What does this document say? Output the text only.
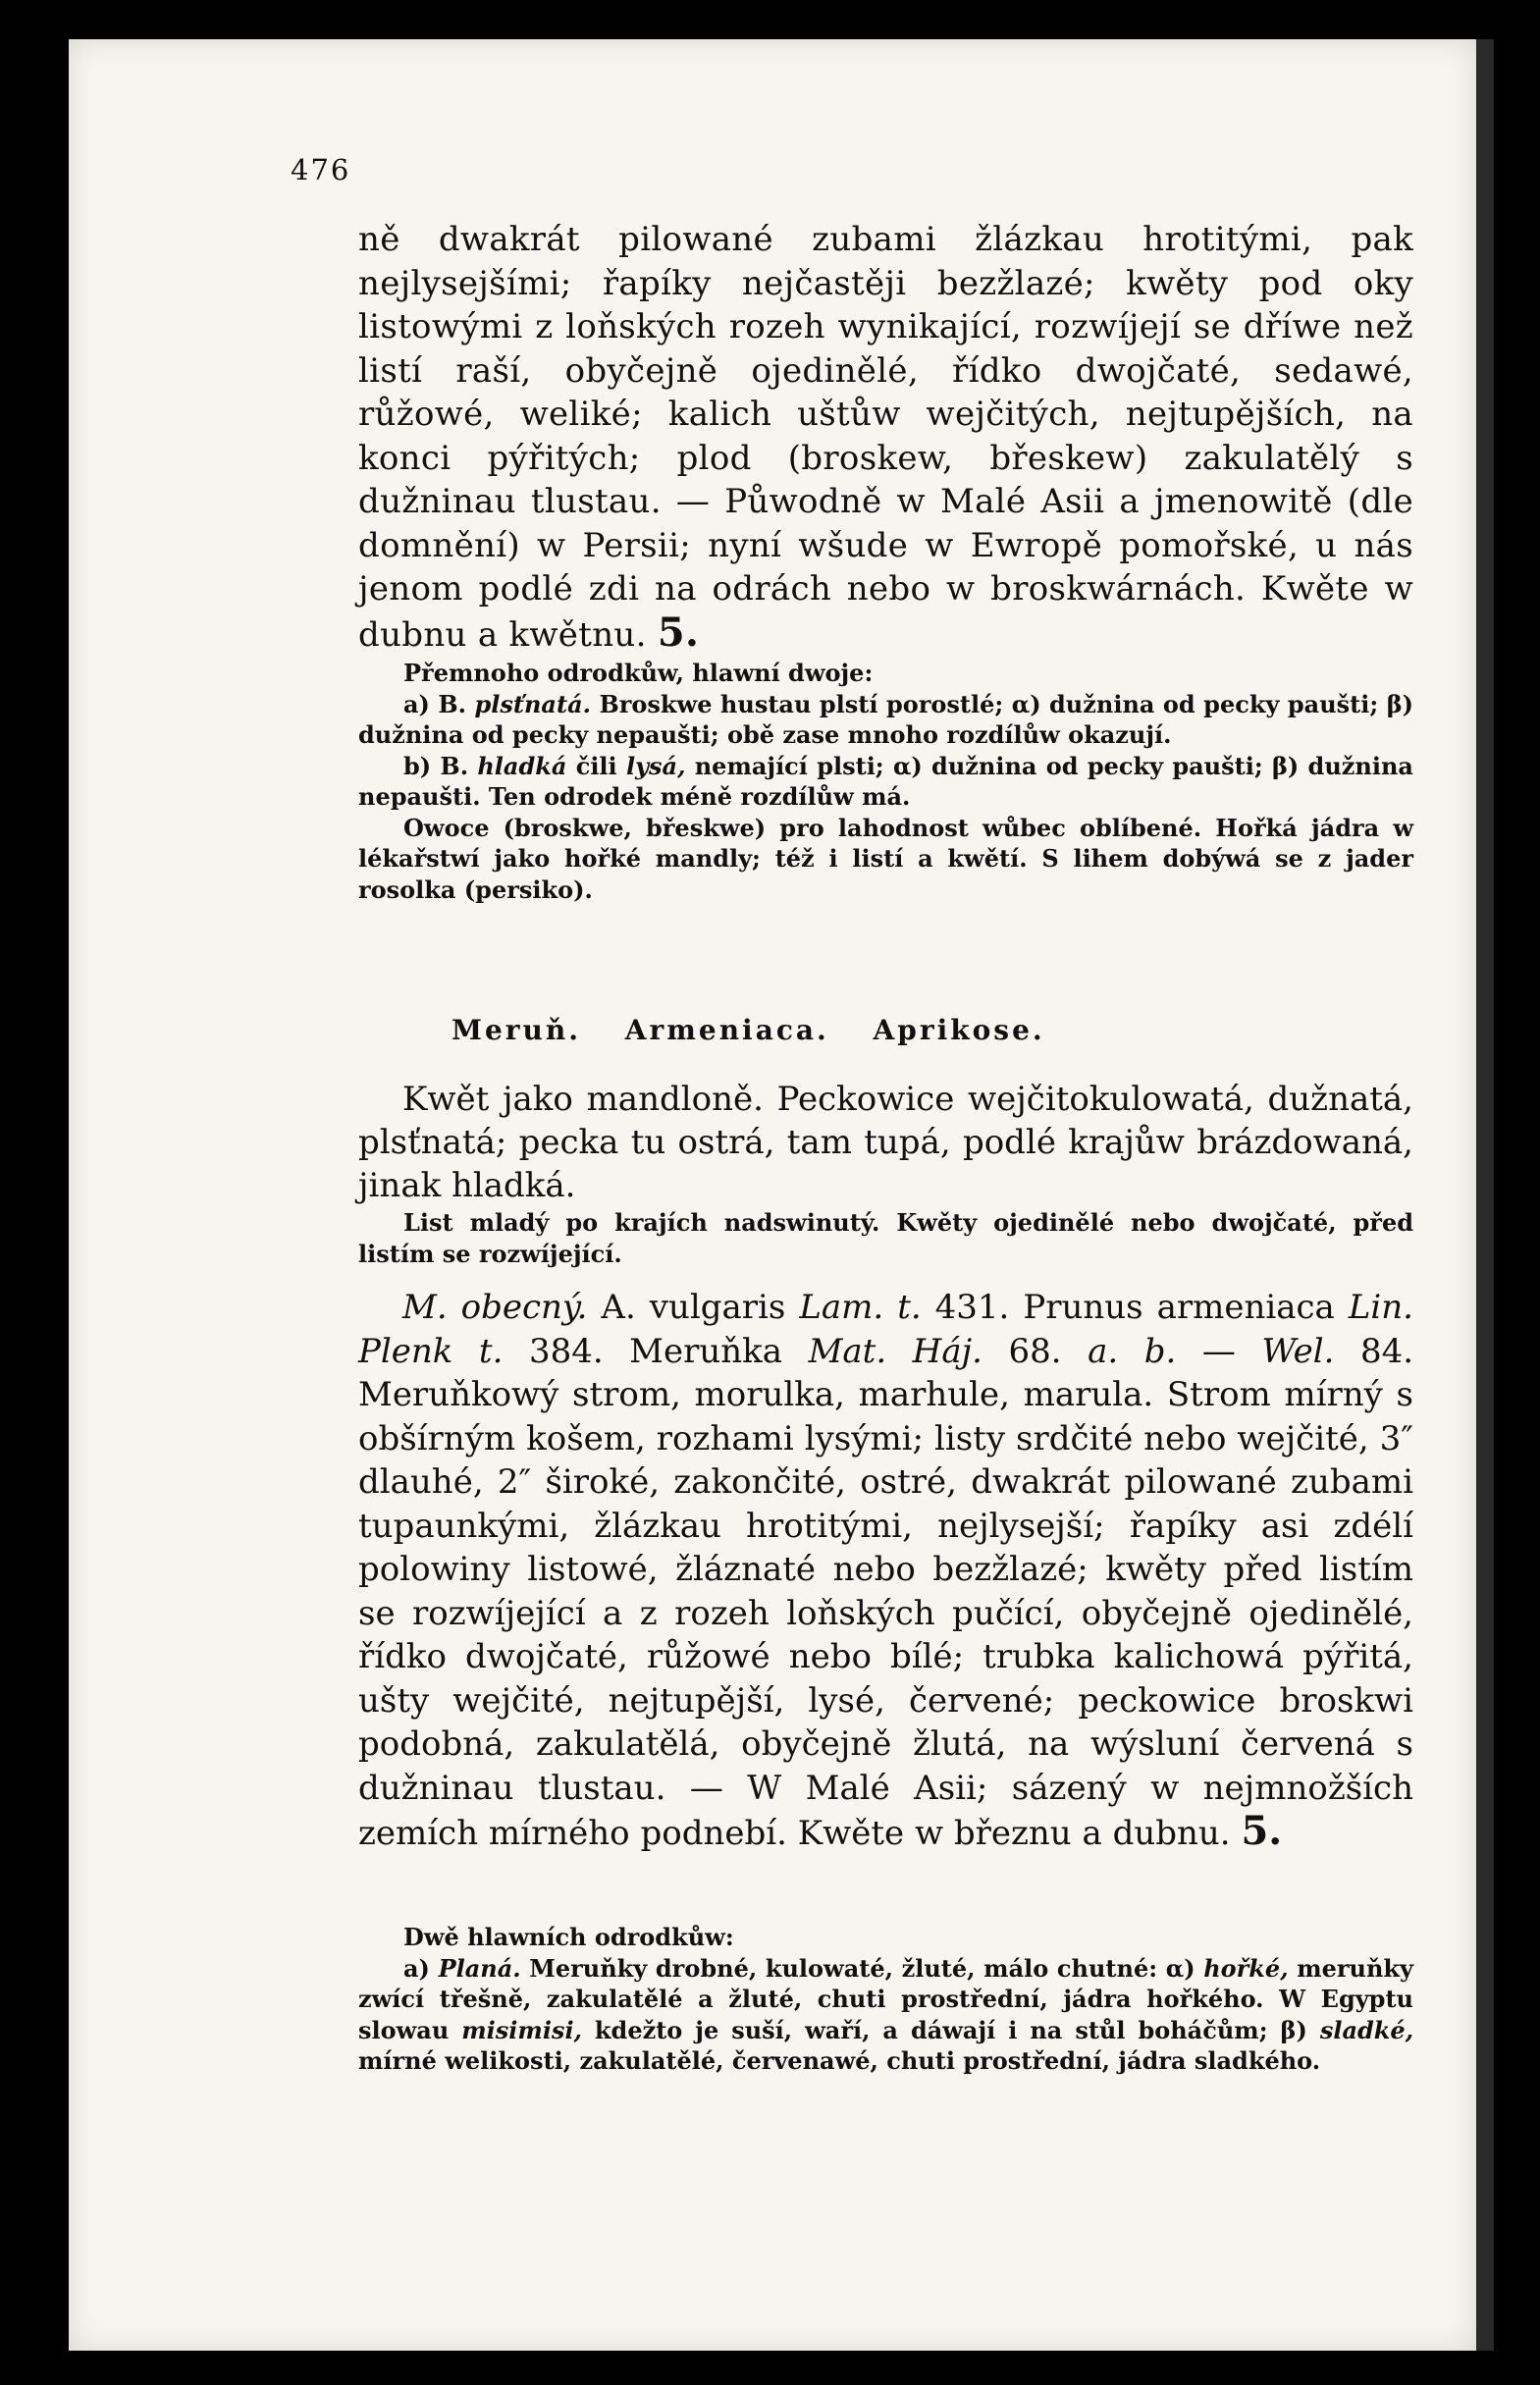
476

ně dwakrát pilowané zubami žlázkau hrotitými, pak nejlysejšími; řapíky nejčastěji bezžlazé; kwěty pod oky listowými z loňských rozeh wynikající, rozwíjejí se dříwe než listí raší, obyčejně ojedinělé, řídko dwojčaté, sedawé, růžowé, weliké; kalich uštůw wejčitých, nejtupějších, na konci pýřitých; plod (broskew, břeskew) zakulatělý s dužninau tlustau. — Půwodně w Malé Asii a jmenowitě (dle domnění) w Persii; nyní wšude w Ewropě pomořské, u nás jenom podlé zdi na odrách nebo w broskwárnách. Kwěte w dubnu a kwětnu. 5.

Přemnoho odrodkůw, hlawní dwoje:
a) B. plsťnatá. Broskwe hustau plstí porostlé; α) dužnina od pecky paušti; β) dužnina od pecky nepaušti; obě zase mnoho rozdílůw okazují.
b) B. hladká čili lysá, nemající plsti; α) dužnina od pecky paušti; β) dužnina nepaušti. Ten odrodek méně rozdílůw má.
Owoce (broskwe, břeskwe) pro lahodnost wůbec oblíbené. Hořká jádra w lékařstwí jako hořké mandly; též i listí a kwětí. S lihem dobýwá se z jader rosolka (persiko).
Meruň. Armeniaca. Aprikose.

Kwět jako mandloně. Peckowice wejčitokulowatá, dužnatá, plsťnatá; pecka tu ostrá, tam tupá, podlé krajůw brázdowaná, jinak hladká.

List mladý po krajích nadswinutý. Kwěty ojedinělé nebo dwojčaté, před listím se rozwíjející.

M. obecný. A. vulgaris Lam. t. 431. Prunus armeniaca Lin. Plenk t. 384. Meruňka Mat. Háj. 68. a. b. — Wel. 84. Meruňkowý strom, morulka, marhule, marula. Strom mírný s obšírným košem, rozhami lysými; listy srdčité nebo wejčité, 3″ dlauhé, 2″ široké, zakončité, ostré, dwakrát pilowané zubami tupaunkými, žlázkau hrotitými, nejlysejší; řapíky asi zdélí polowiny listowé, žláznaté nebo bezžlazé; kwěty před listím se rozwíjející a z rozeh loňských pučící, obyčejně ojedinělé, řídko dwojčaté, růžowé nebo bílé; trubka kalichowá pýřitá, ušty wejčité, nejtupější, lysé, červené; peckowice broskwi podobná, zakulatělá, obyčejně žlutá, na wýsluní červená s dužninau tlustau. — W Malé Asii; sázený w nejmnožších zemích mírného podnebí. Kwěte w březnu a dubnu. 5.

Dwě hlawních odrodkůw:
a) Planá. Meruňky drobné, kulowaté, žluté, málo chutné: α) hořké, meruňky zwící třešně, zakulatělé a žluté, chuti prostřední, jádra hořkého. W Egyptu slowau misimisi, kdežto je suší, waří, a dáwají i na stůl boháčům; β) sladké, mírné welikosti, zakulatělé, červenawé, chuti prostřední, jádra sladkého.
